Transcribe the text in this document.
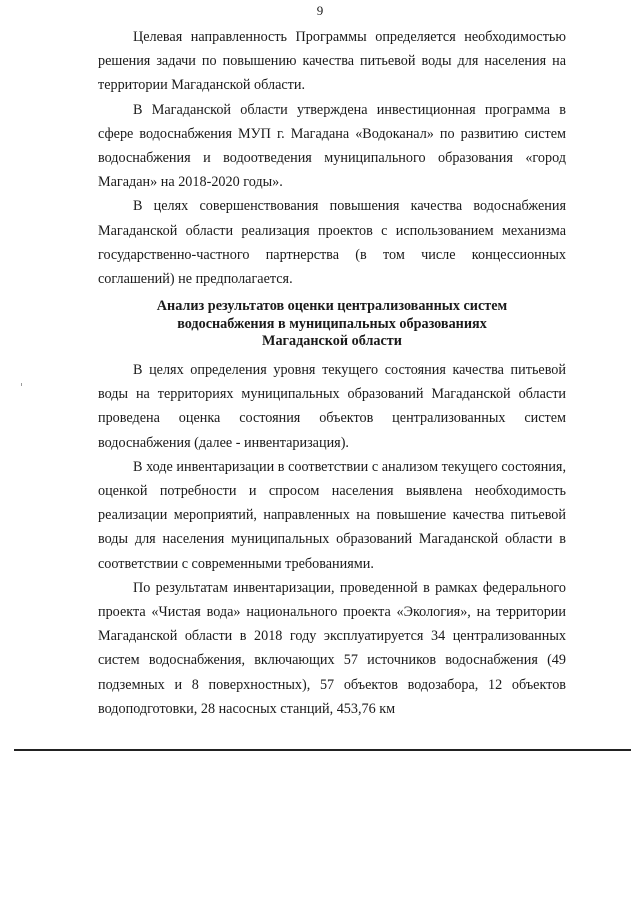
9

Целевая направленность Программы определяется необходимостью решения задачи по повышению качества питьевой воды для населения на территории Магаданской области.

В Магаданской области утверждена инвестиционная программа в сфере водоснабжения МУП г. Магадана «Водоканал» по развитию систем водоснабжения и водоотведения муниципального образования «город Магадан» на 2018-2020 годы».

В целях совершенствования повышения качества водоснабжения Магаданской области реализация проектов с использованием механизма государственно-частного партнерства (в том числе концессионных соглашений) не предполагается.

Анализ результатов оценки централизованных систем
водоснабжения в муниципальных образованиях
Магаданской области

В целях определения уровня текущего состояния качества питьевой воды на территориях муниципальных образований Магаданской области проведена оценка состояния объектов централизованных систем водоснабжения (далее - инвентаризация).

В ходе инвентаризации в соответствии с анализом текущего состояния, оценкой потребности и спросом населения выявлена необходимость реализации мероприятий, направленных на повышение качества питьевой воды для населения муниципальных образований Магаданской области в соответствии с современными требованиями.

По результатам инвентаризации, проведенной в рамках федерального проекта «Чистая вода» национального проекта «Экология», на территории Магаданской области в 2018 году эксплуатируется 34 централизованных систем водоснабжения, включающих 57 источников водоснабжения (49 подземных и 8 поверхностных), 57 объектов водозабора, 12 объектов водоподготовки, 28 насосных станций, 453,76 км
